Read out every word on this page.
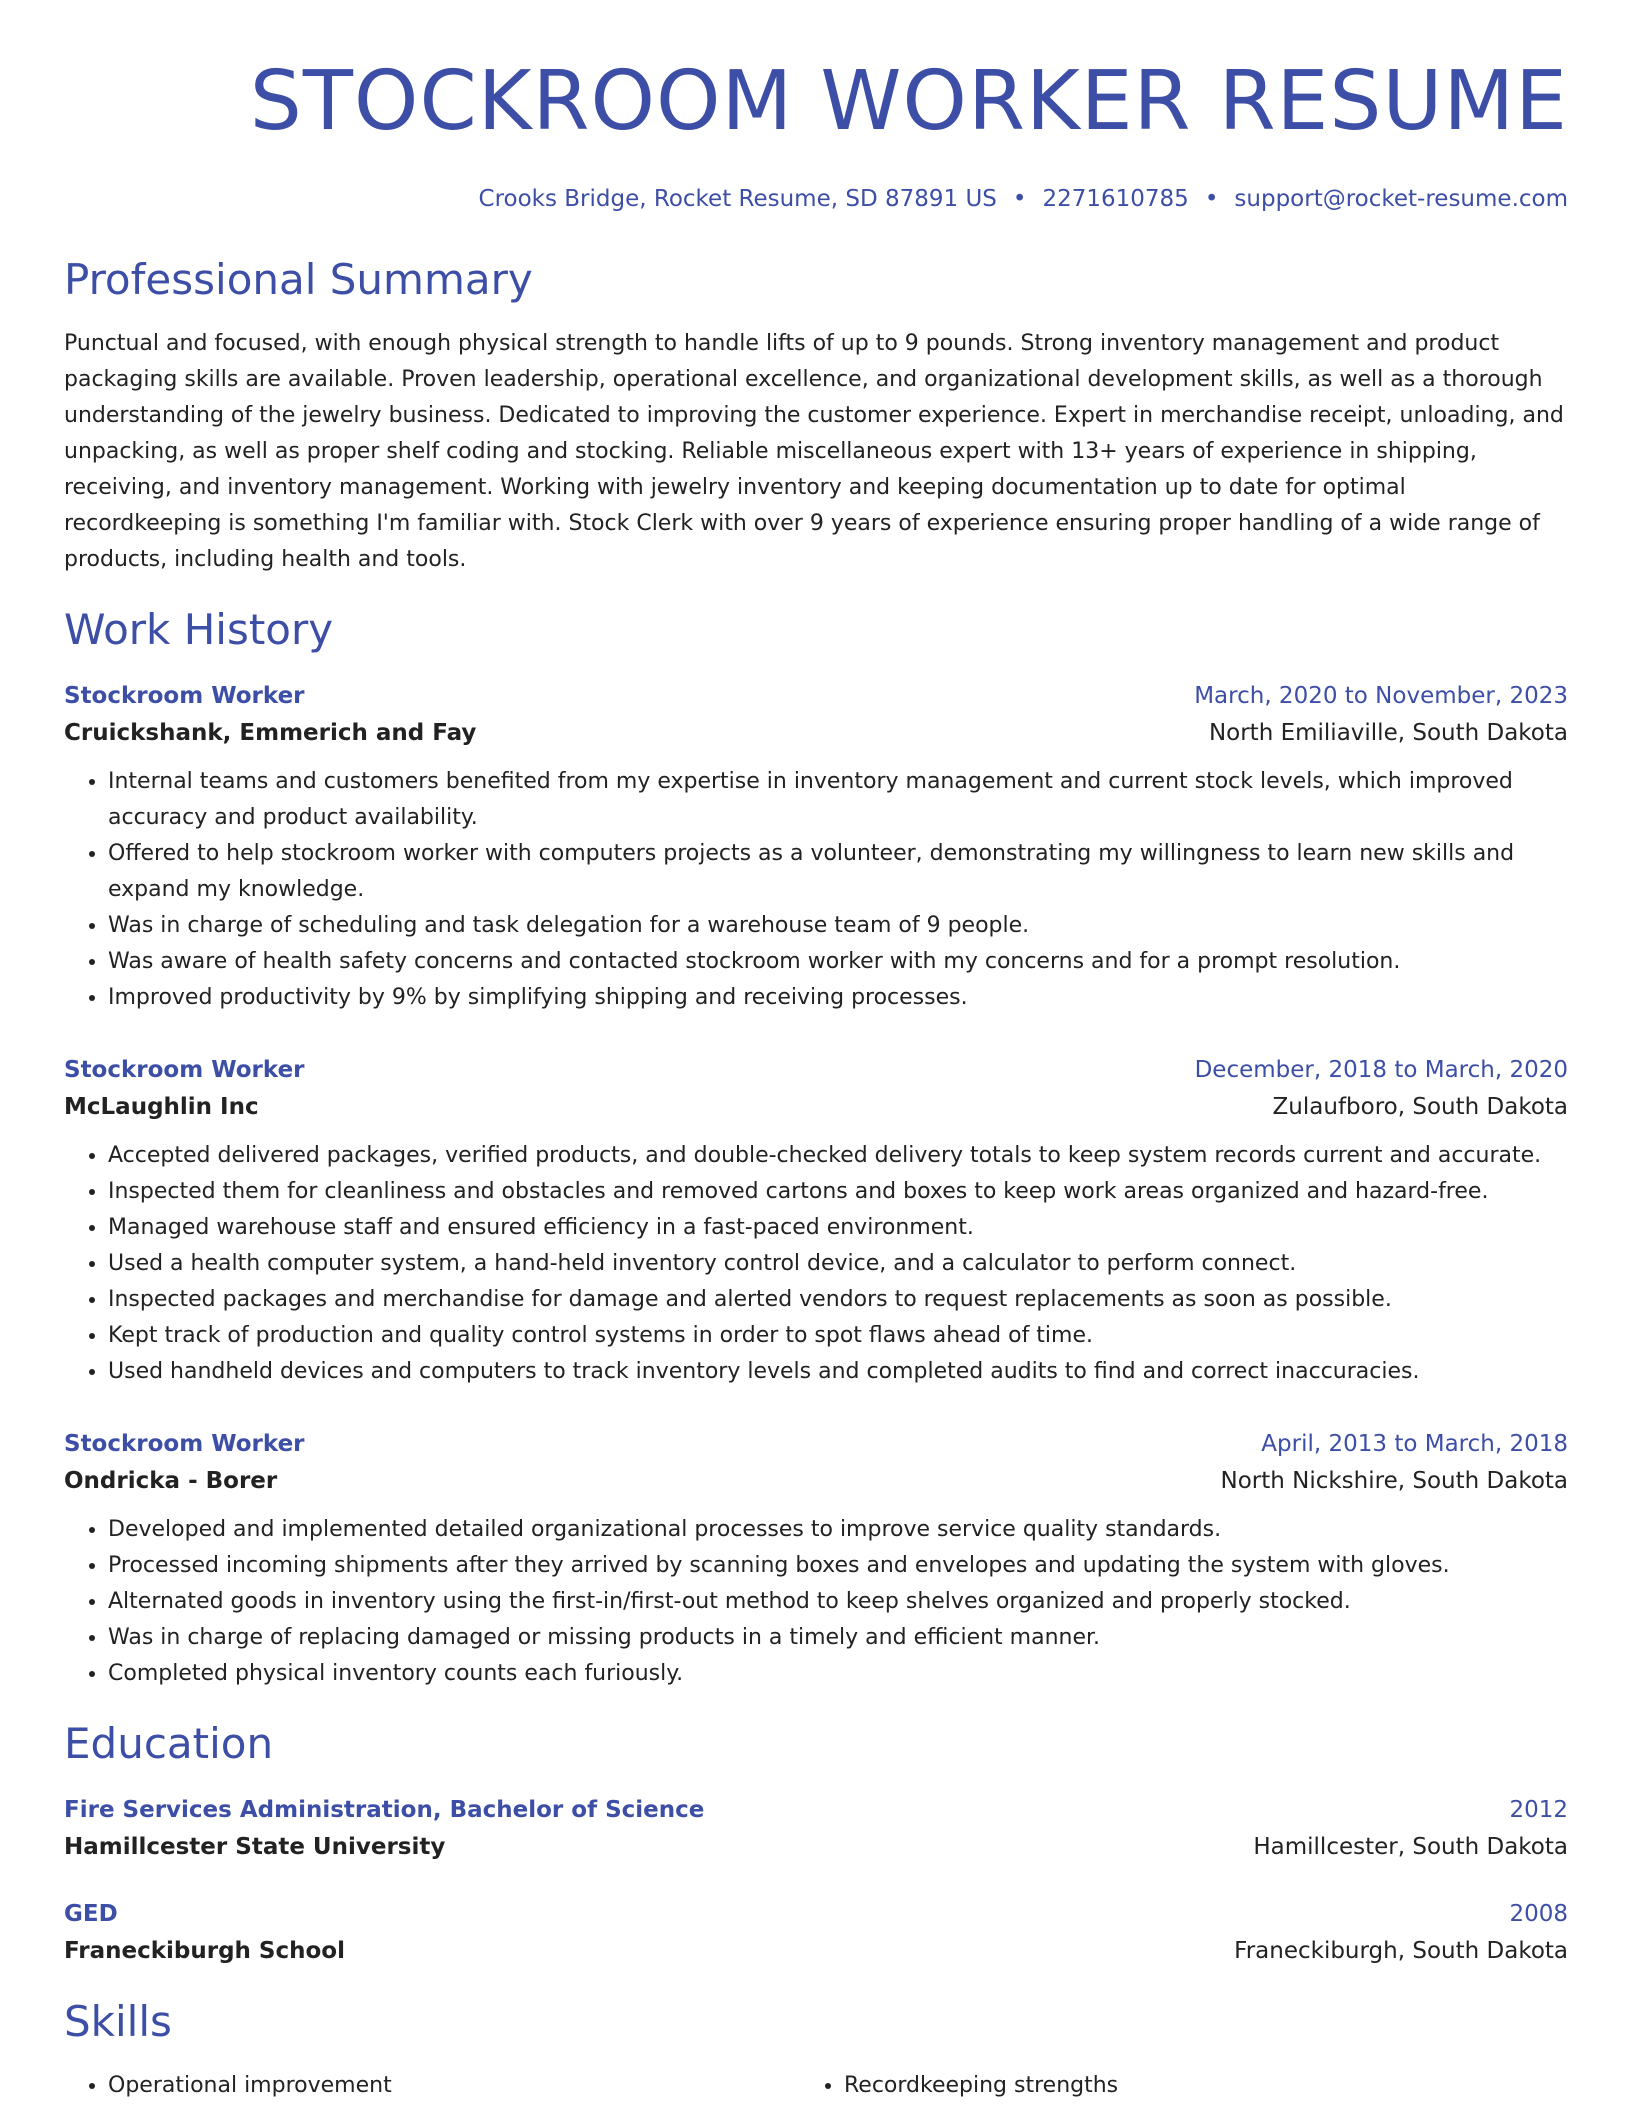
STOCKROOM WORKER RESUME
Crooks Bridge, Rocket Resume, SD 87891 US • 2271610785 • support@rocket-resume.com
Professional Summary
Punctual and focused, with enough physical strength to handle lifts of up to 9 pounds. Strong inventory management and product packaging skills are available. Proven leadership, operational excellence, and organizational development skills, as well as a thorough understanding of the jewelry business. Dedicated to improving the customer experience. Expert in merchandise receipt, unloading, and unpacking, as well as proper shelf coding and stocking. Reliable miscellaneous expert with 13+ years of experience in shipping, receiving, and inventory management. Working with jewelry inventory and keeping documentation up to date for optimal recordkeeping is something I'm familiar with. Stock Clerk with over 9 years of experience ensuring proper handling of a wide range of products, including health and tools.
Work History
Stockroom Worker	March, 2020 to November, 2023
Cruickshank, Emmerich and Fay	North Emiliaville, South Dakota
• Internal teams and customers benefited from my expertise in inventory management and current stock levels, which improved accuracy and product availability.
• Offered to help stockroom worker with computers projects as a volunteer, demonstrating my willingness to learn new skills and expand my knowledge.
• Was in charge of scheduling and task delegation for a warehouse team of 9 people.
• Was aware of health safety concerns and contacted stockroom worker with my concerns and for a prompt resolution.
• Improved productivity by 9% by simplifying shipping and receiving processes.
Stockroom Worker	December, 2018 to March, 2020
McLaughlin Inc	Zulaufboro, South Dakota
• Accepted delivered packages, verified products, and double-checked delivery totals to keep system records current and accurate.
• Inspected them for cleanliness and obstacles and removed cartons and boxes to keep work areas organized and hazard-free.
• Managed warehouse staff and ensured efficiency in a fast-paced environment.
• Used a health computer system, a hand-held inventory control device, and a calculator to perform connect.
• Inspected packages and merchandise for damage and alerted vendors to request replacements as soon as possible.
• Kept track of production and quality control systems in order to spot flaws ahead of time.
• Used handheld devices and computers to track inventory levels and completed audits to find and correct inaccuracies.
Stockroom Worker	April, 2013 to March, 2018
Ondricka - Borer	North Nickshire, South Dakota
• Developed and implemented detailed organizational processes to improve service quality standards.
• Processed incoming shipments after they arrived by scanning boxes and envelopes and updating the system with gloves.
• Alternated goods in inventory using the first-in/first-out method to keep shelves organized and properly stocked.
• Was in charge of replacing damaged or missing products in a timely and efficient manner.
• Completed physical inventory counts each furiously.
Education
Fire Services Administration, Bachelor of Science	2012
Hamillcester State University	Hamillcester, South Dakota
GED	2008
Franeckiburgh School	Franeckiburgh, South Dakota
Skills
• Operational improvement
•	Recordkeeping strengths
